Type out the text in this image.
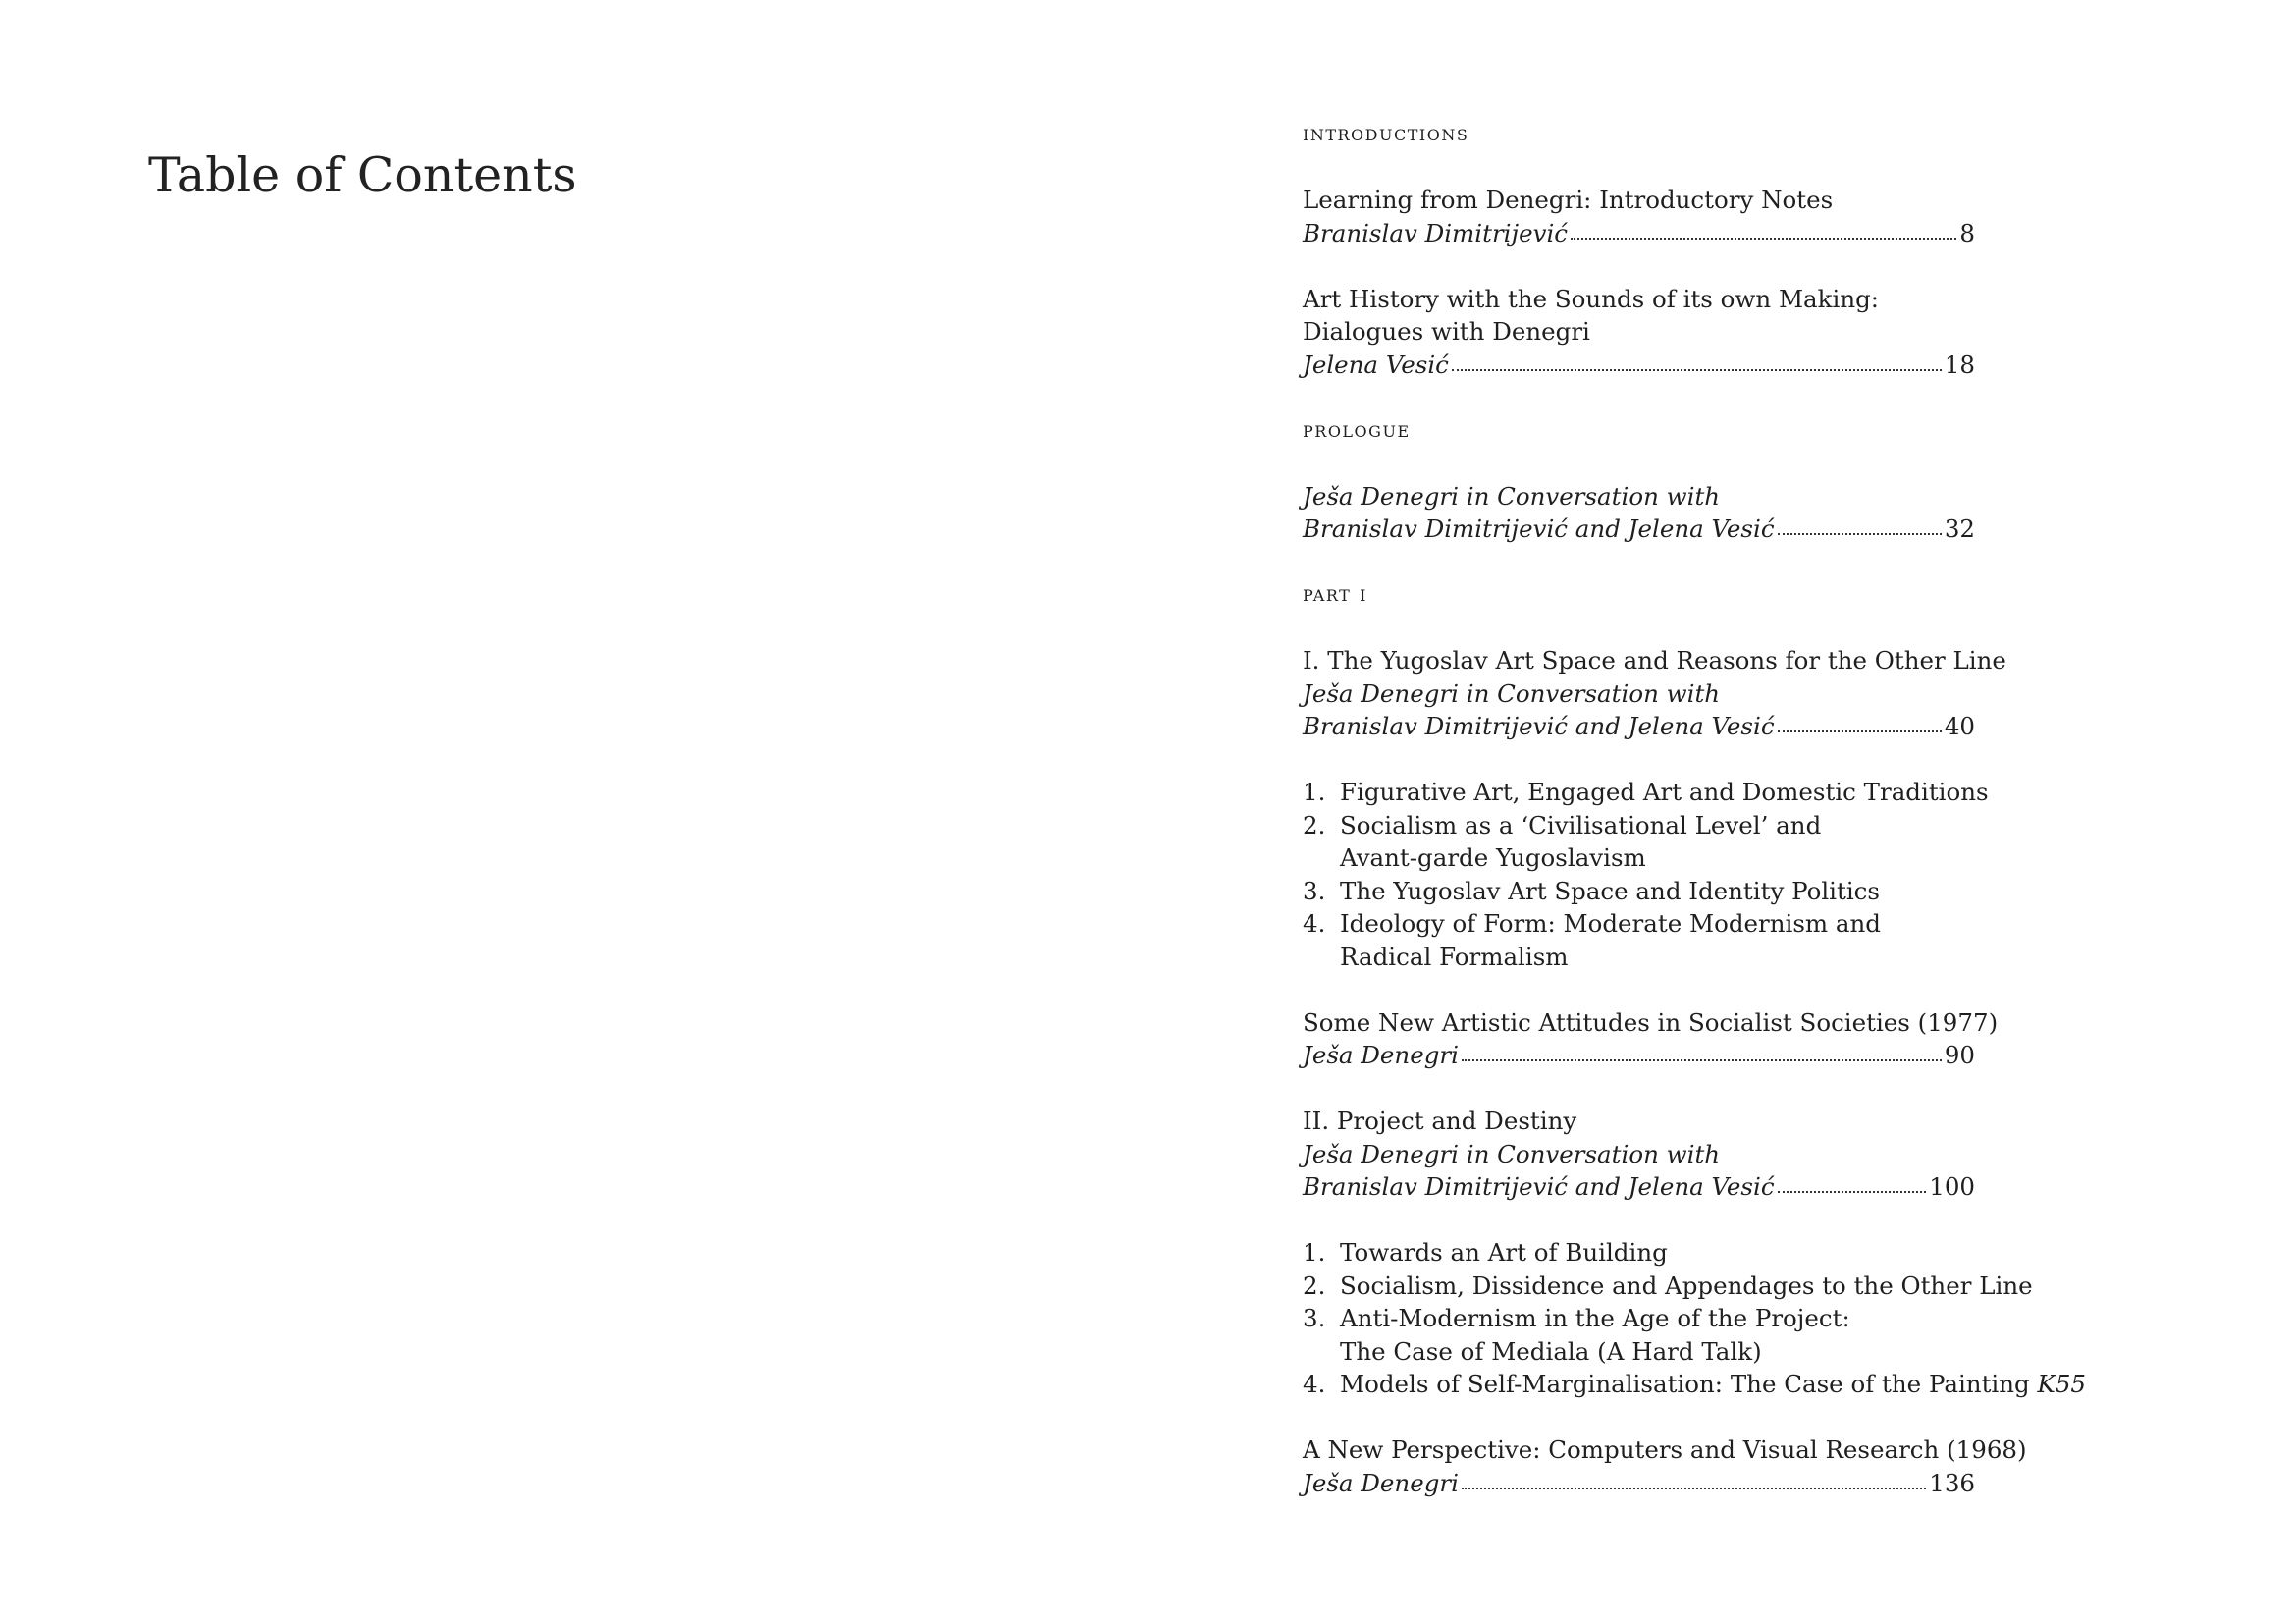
Table of Contents
introductions
Learning from Denegri: Introductory Notes
Branislav Dimitrijević	8
Art History with the Sounds of its own Making:
Dialogues with Denegri
Jelena Vesić	18
prologue
Ješa Denegri in Conversation with
Branislav Dimitrijević and Jelena Vesić	32
part i
I. The Yugoslav Art Space and Reasons for the Other Line
Ješa Denegri in Conversation with
Branislav Dimitrijević and Jelena Vesić	40
1. Figurative Art, Engaged Art and Domestic Traditions
2. Socialism as a ‘Civilisational Level’ and
Avant-garde Yugoslavism
3. The Yugoslav Art Space and Identity Politics
4. Ideology of Form: Moderate Modernism and
Radical Formalism
Some New Artistic Attitudes in Socialist Societies (1977)
Ješa Denegri	90
II. Project and Destiny
Ješa Denegri in Conversation with
Branislav Dimitrijević and Jelena Vesić	100
1. Towards an Art of Building
2. Socialism, Dissidence and Appendages to the Other Line
3. Anti-Modernism in the Age of the Project:
The Case of Mediala (A Hard Talk)
4. Models of Self-Marginalisation: The Case of the Painting K55
A New Perspective: Computers and Visual Research (1968)
Ješa Denegri	136
